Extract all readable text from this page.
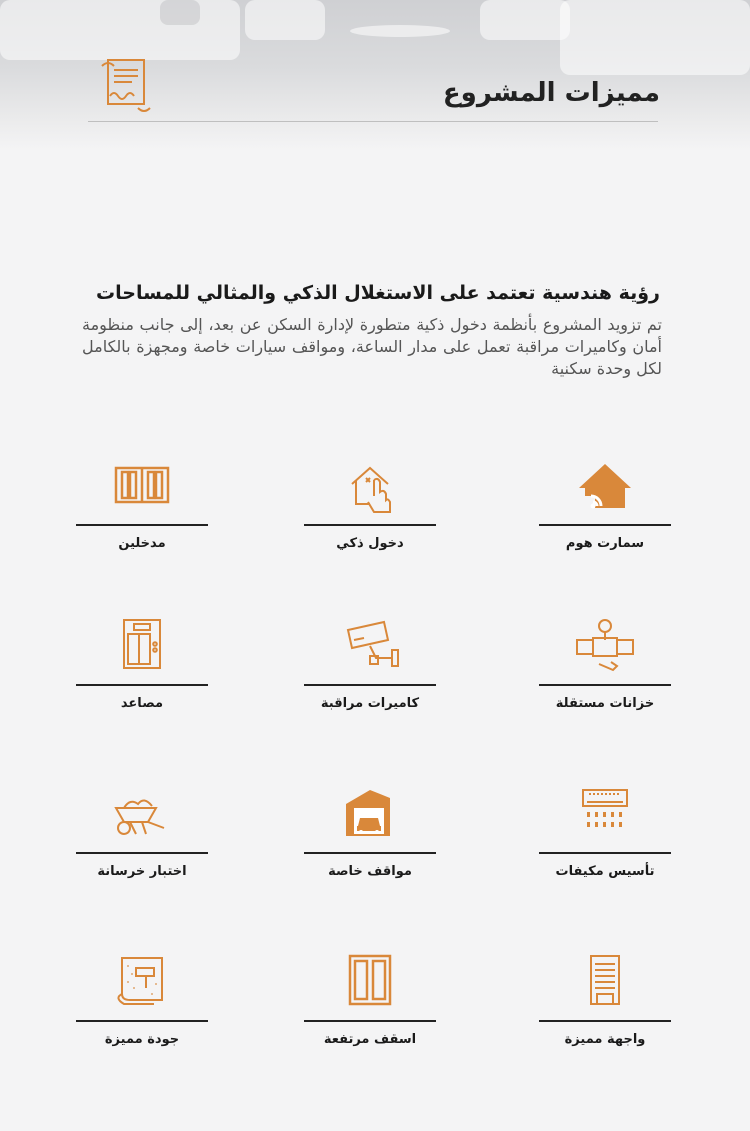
مميزات المشروع
رؤية هندسية تعتمد على الاستغلال الذكي والمثالي للمساحات
تم تزويد المشروع بأنظمة دخول ذكية متطورة لإدارة السكن عن بعد، إلى جانب منظومة أمان وكاميرات مراقبة تعمل على مدار الساعة، ومواقف سيارات خاصة ومجهزة بالكامل لكل وحدة سكنية
سمارت هوم
دخول ذكي
مدخلين
خزانات مستقلة
كاميرات مراقبة
مصاعد
تأسيس مكيفات
مواقف خاصة
اختبار خرسانة
واجهة مميزة
اسقف مرتفعة
جودة مميزة
